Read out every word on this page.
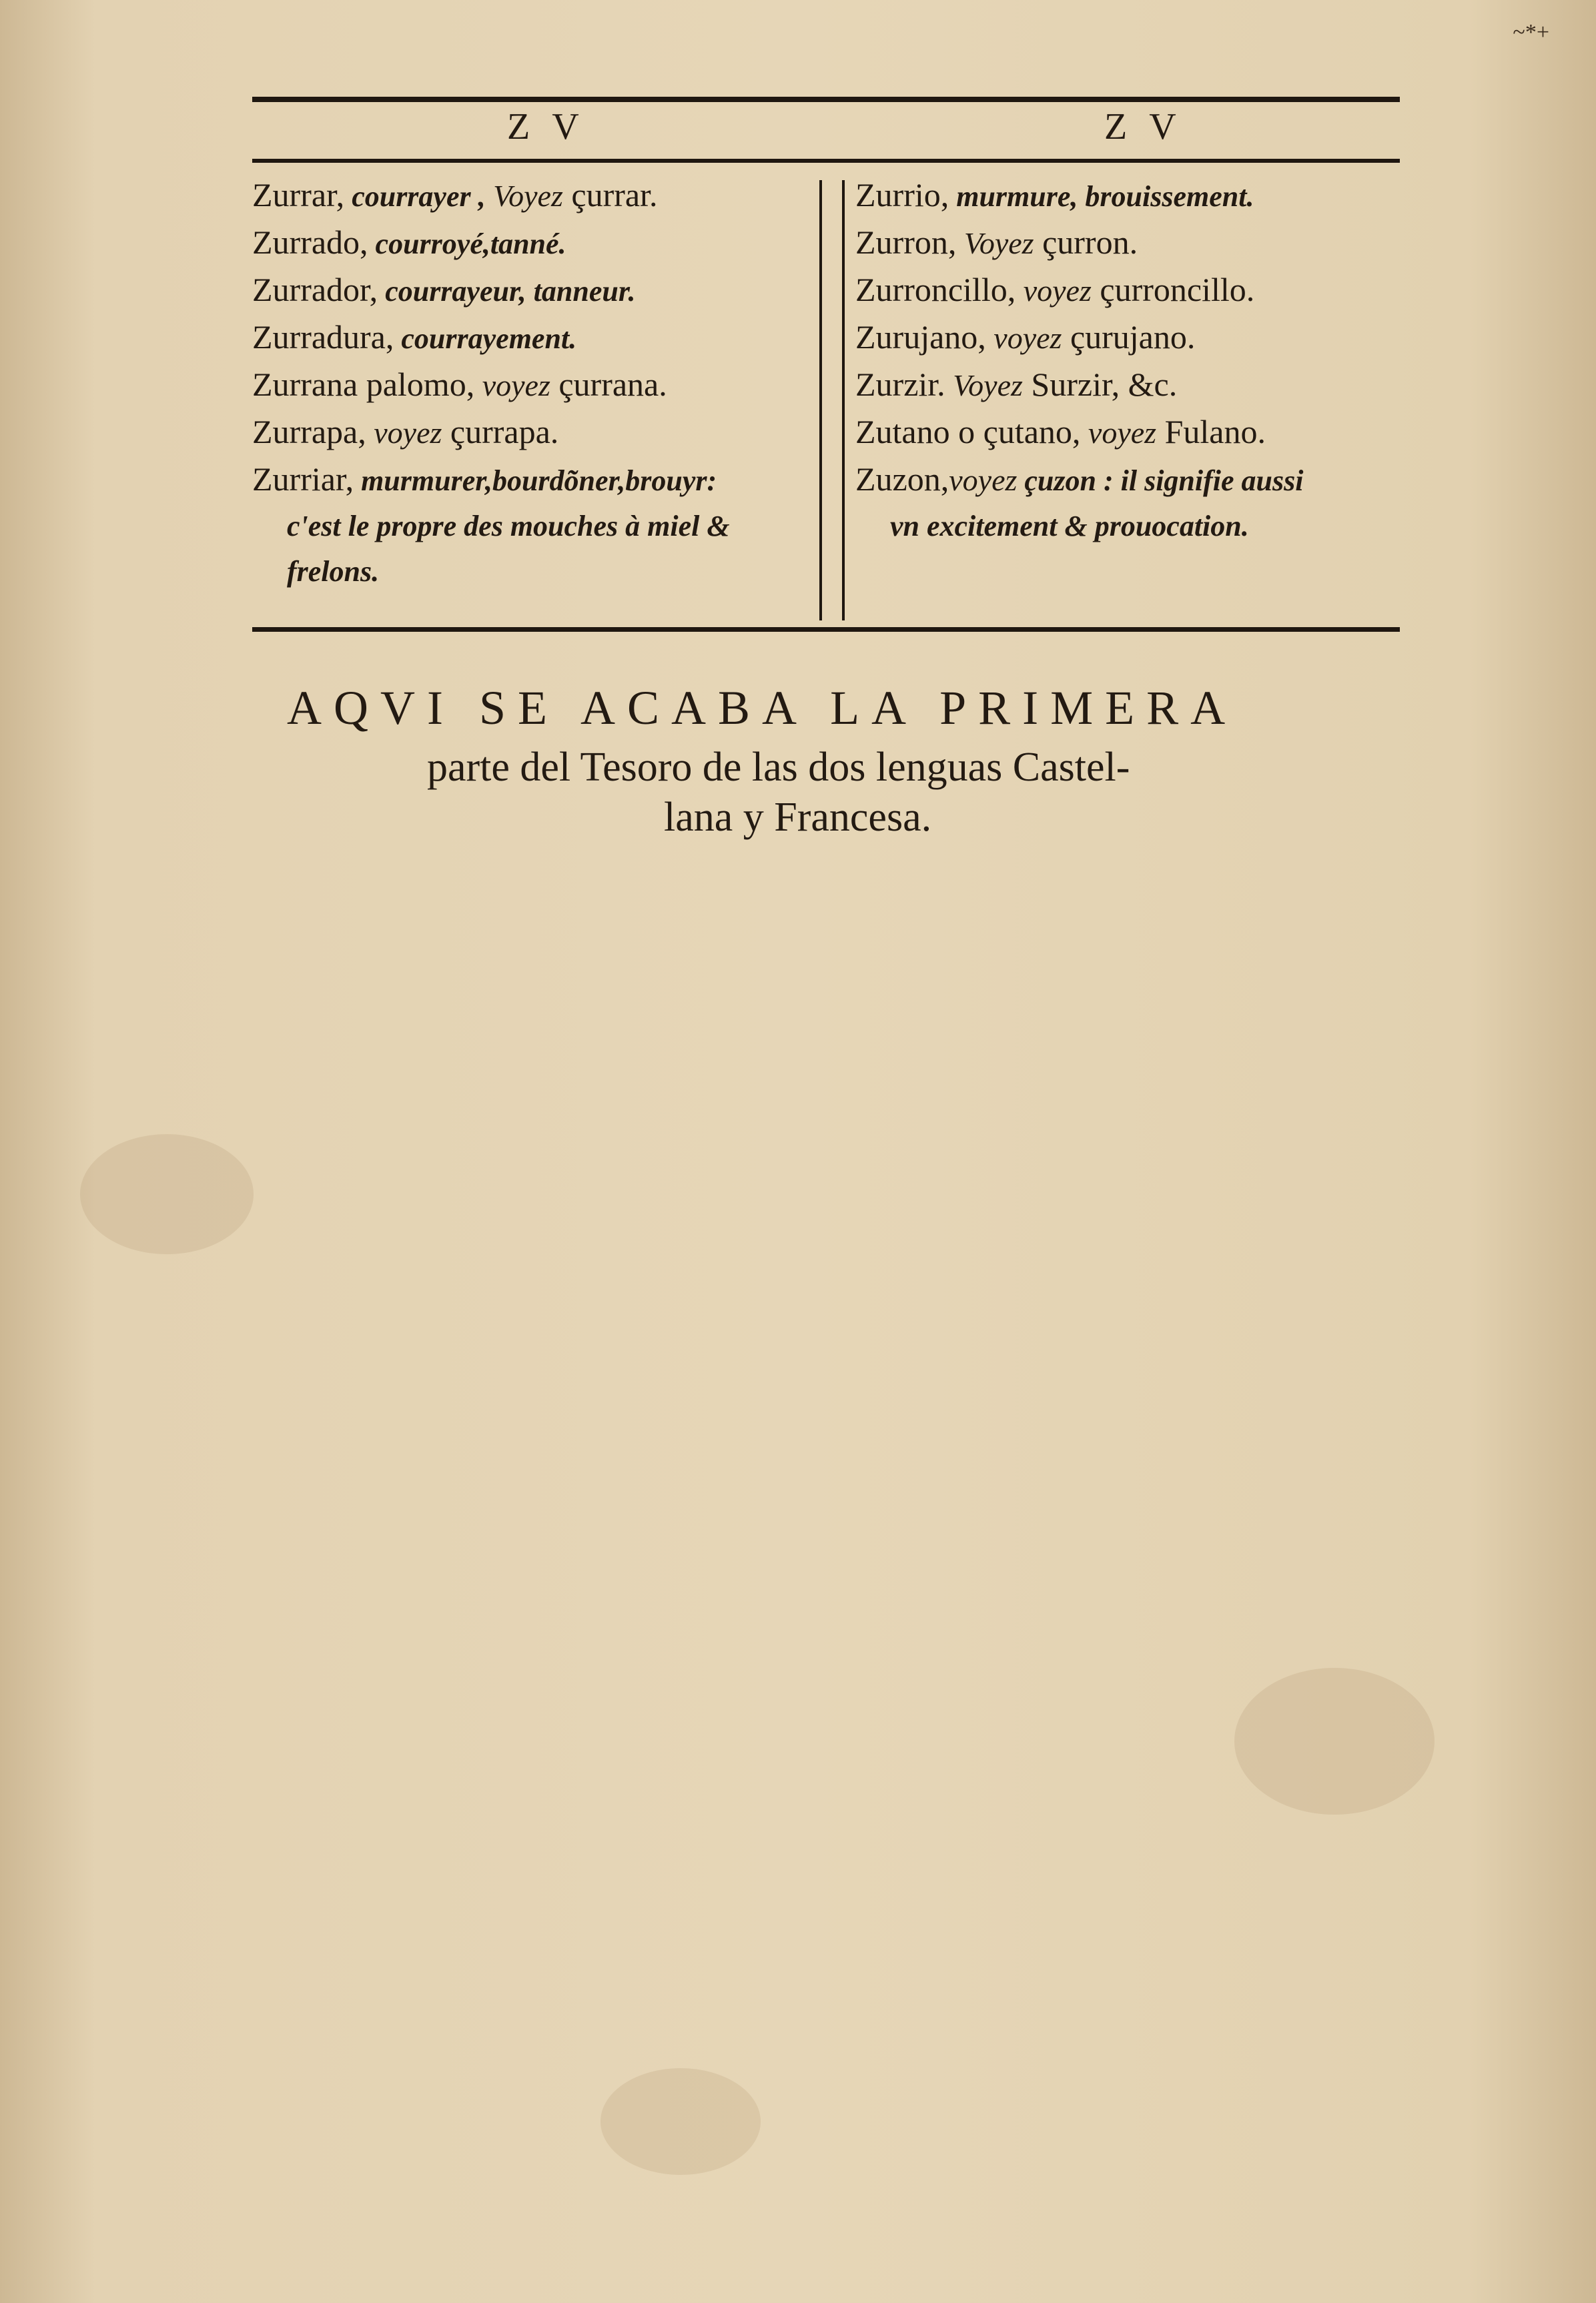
~*+
Z V	Z V
Zurrar, courrayer , Voyez çurrar.
Zurrado, courroyé,tanné.
Zurrador, courrayeur, tanneur.
Zurradura, courrayement.
Zurrana palomo, voyez çurrana.
Zurrapa, voyez çurrapa.
Zurriar, murmurer,bourdõner,brouyr:
c'est le propre des mouches à miel &
frelons.
Zurrio, murmure, brouissement.
Zurron, Voyez çurron.
Zurroncillo, voyez çurroncillo.
Zurujano, voyez çurujano.
Zurzir. Voyez Surzir, &c.
Zutano o çutano, voyez Fulano.
Zuzon,voyez çuzon : il signifie aussi
vn excitement & prouocation.
AQVI SE ACABA LA PRIMERA
parte del Tesoro de las dos lenguas Castel-
lana y Francesa.
